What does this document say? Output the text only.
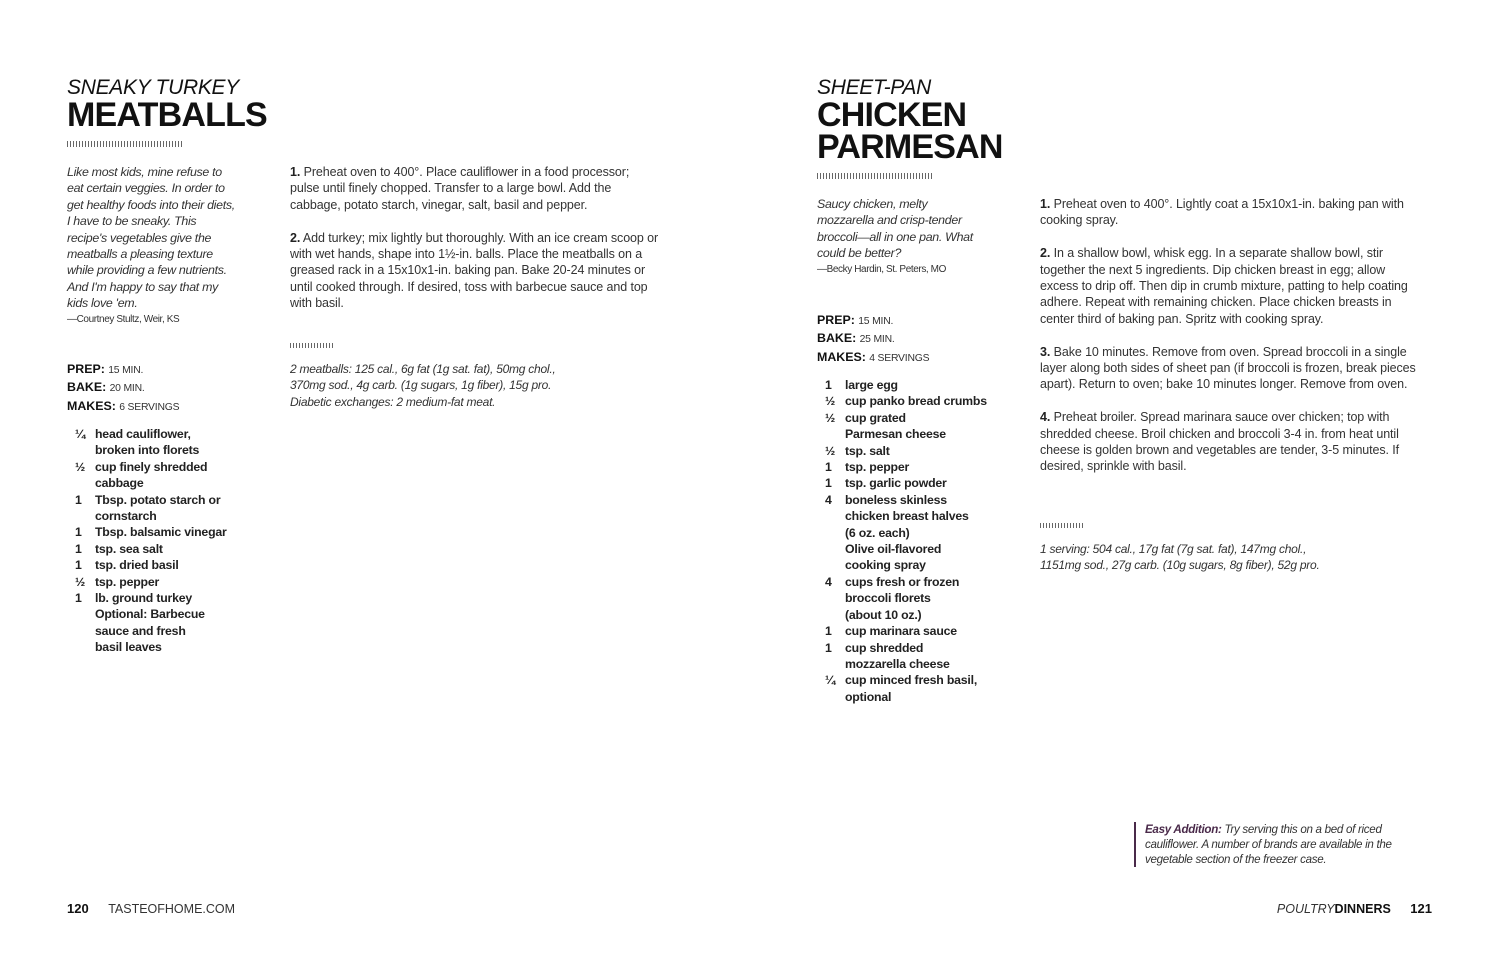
SNEAKY TURKEY

MEATBALLS

Like most kids, mine refuse to eat certain veggies. In order to get healthy foods into their diets, I have to be sneaky. This recipe's vegetables give the meatballs a pleasing texture while providing a few nutrients. And I'm happy to say that my kids love 'em.

—Courtney Stultz, Weir, KS

PREP: 15 MIN.
BAKE: 20 MIN.
MAKES: 6 SERVINGS
¼ head cauliflower,
broken into florets
½ cup finely shredded
cabbage
1	Tbsp. potato starch or
cornstarch
1	Tbsp. balsamic vinegar
1	tsp. sea salt
1	tsp. dried basil
½ tsp. pepper
1	lb. ground turkey
Optional: Barbecue
sauce and fresh
basil leaves

1. Preheat oven to 400°. Place cauliflower in a food processor; pulse until finely chopped. Transfer to a large bowl. Add the cabbage, potato starch, vinegar, salt, basil and pepper.

2. Add turkey; mix lightly but thoroughly. With an ice cream scoop or with wet hands, shape into 1½-in. balls. Place the meatballs on a greased rack in a 15x10x1-in. baking pan. Bake 20-24 minutes or until cooked through. If desired, toss with barbecue sauce and top with basil.

2 meatballs: 125 cal., 6g fat (1g sat. fat), 50mg chol.,
370mg sod., 4g carb. (1g sugars, 1g fiber), 15g pro.
Diabetic exchanges: 2 medium-fat meat.

120 TASTEOFHOME.COM

SHEET-PAN

CHICKEN

PARMESAN

Saucy chicken, melty mozzarella and crisp-tender broccoli—all in one pan. What could be better?

—Becky Hardin, St. Peters, MO

PREP: 15 MIN.
BAKE: 25 MIN.
MAKES: 4 SERVINGS
1	large egg
½ cup panko bread crumbs
½ cup grated
Parmesan cheese
½ tsp. salt
1	tsp. pepper
1	tsp. garlic powder
4	boneless skinless
chicken breast halves
(6 oz. each)
Olive oil-flavored
cooking spray
4	cups fresh or frozen
broccoli florets
(about 10 oz.)
1	cup marinara sauce
1	cup shredded
mozzarella cheese
¼ cup minced fresh basil,
optional

1. Preheat oven to 400°. Lightly coat a 15x10x1-in. baking pan with cooking spray.

2. In a shallow bowl, whisk egg. In a separate shallow bowl, stir together the next 5 ingredients. Dip chicken breast in egg; allow excess to drip off. Then dip in crumb mixture, patting to help coating adhere. Repeat with remaining chicken. Place chicken breasts in center third of baking pan. Spritz with cooking spray.

3. Bake 10 minutes. Remove from oven. Spread broccoli in a single layer along both sides of sheet pan (if broccoli is frozen, break pieces apart). Return to oven; bake 10 minutes longer. Remove from oven.

4. Preheat broiler. Spread marinara sauce over chicken; top with shredded cheese. Broil chicken and broccoli 3-4 in. from heat until cheese is golden brown and vegetables are tender, 3-5 minutes. If desired, sprinkle with basil.

1 serving: 504 cal., 17g fat (7g sat. fat), 147mg chol.,
1151mg sod., 27g carb. (10g sugars, 8g fiber), 52g pro.

Easy Addition: Try serving this on a bed of riced cauliflower. A number of brands are available in the vegetable section of the freezer case.
POULTRYDINNERS 121
